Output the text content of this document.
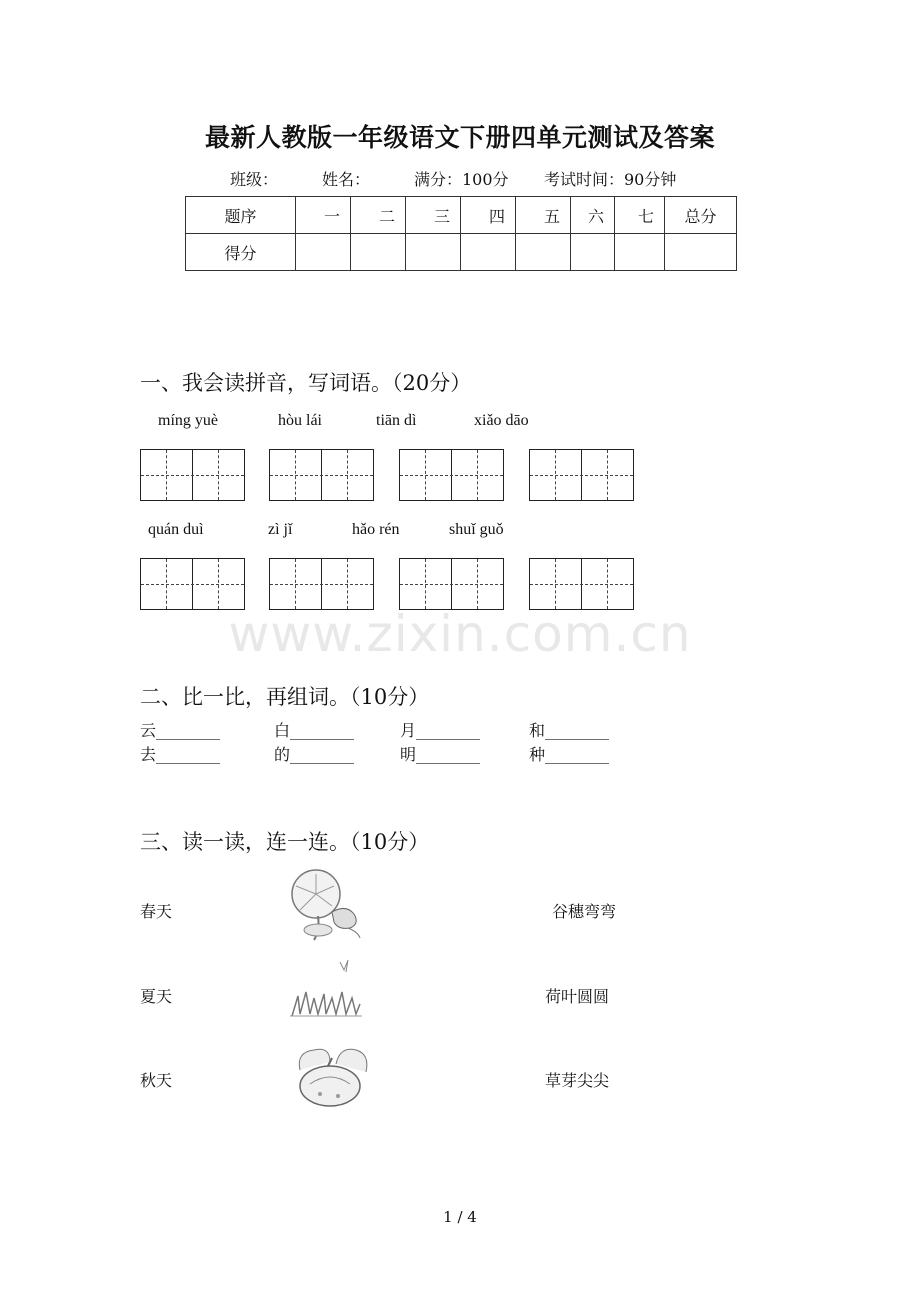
最新人教版一年级语文下册四单元测试及答案
班级：	姓名：	满分：100分 考试时间：90分钟
题序	一	二	三	四	五	六	七	总分
得分								
一、我会读拼音，写词语。（20分）
míng yuè	hòu lái	tiān dì	xiǎo dāo
quán duì	zì jǐ	hǎo rén	shuǐ guǒ
www.zixin.com.cn
二、比一比，再组词。（10分）
云________	白________	月________	和________
去________	的________	明________	种________
三、读一读，连一连。（10分）
春天
夏天
秋天
谷穗弯弯
荷叶圆圆
草芽尖尖
1 / 4
